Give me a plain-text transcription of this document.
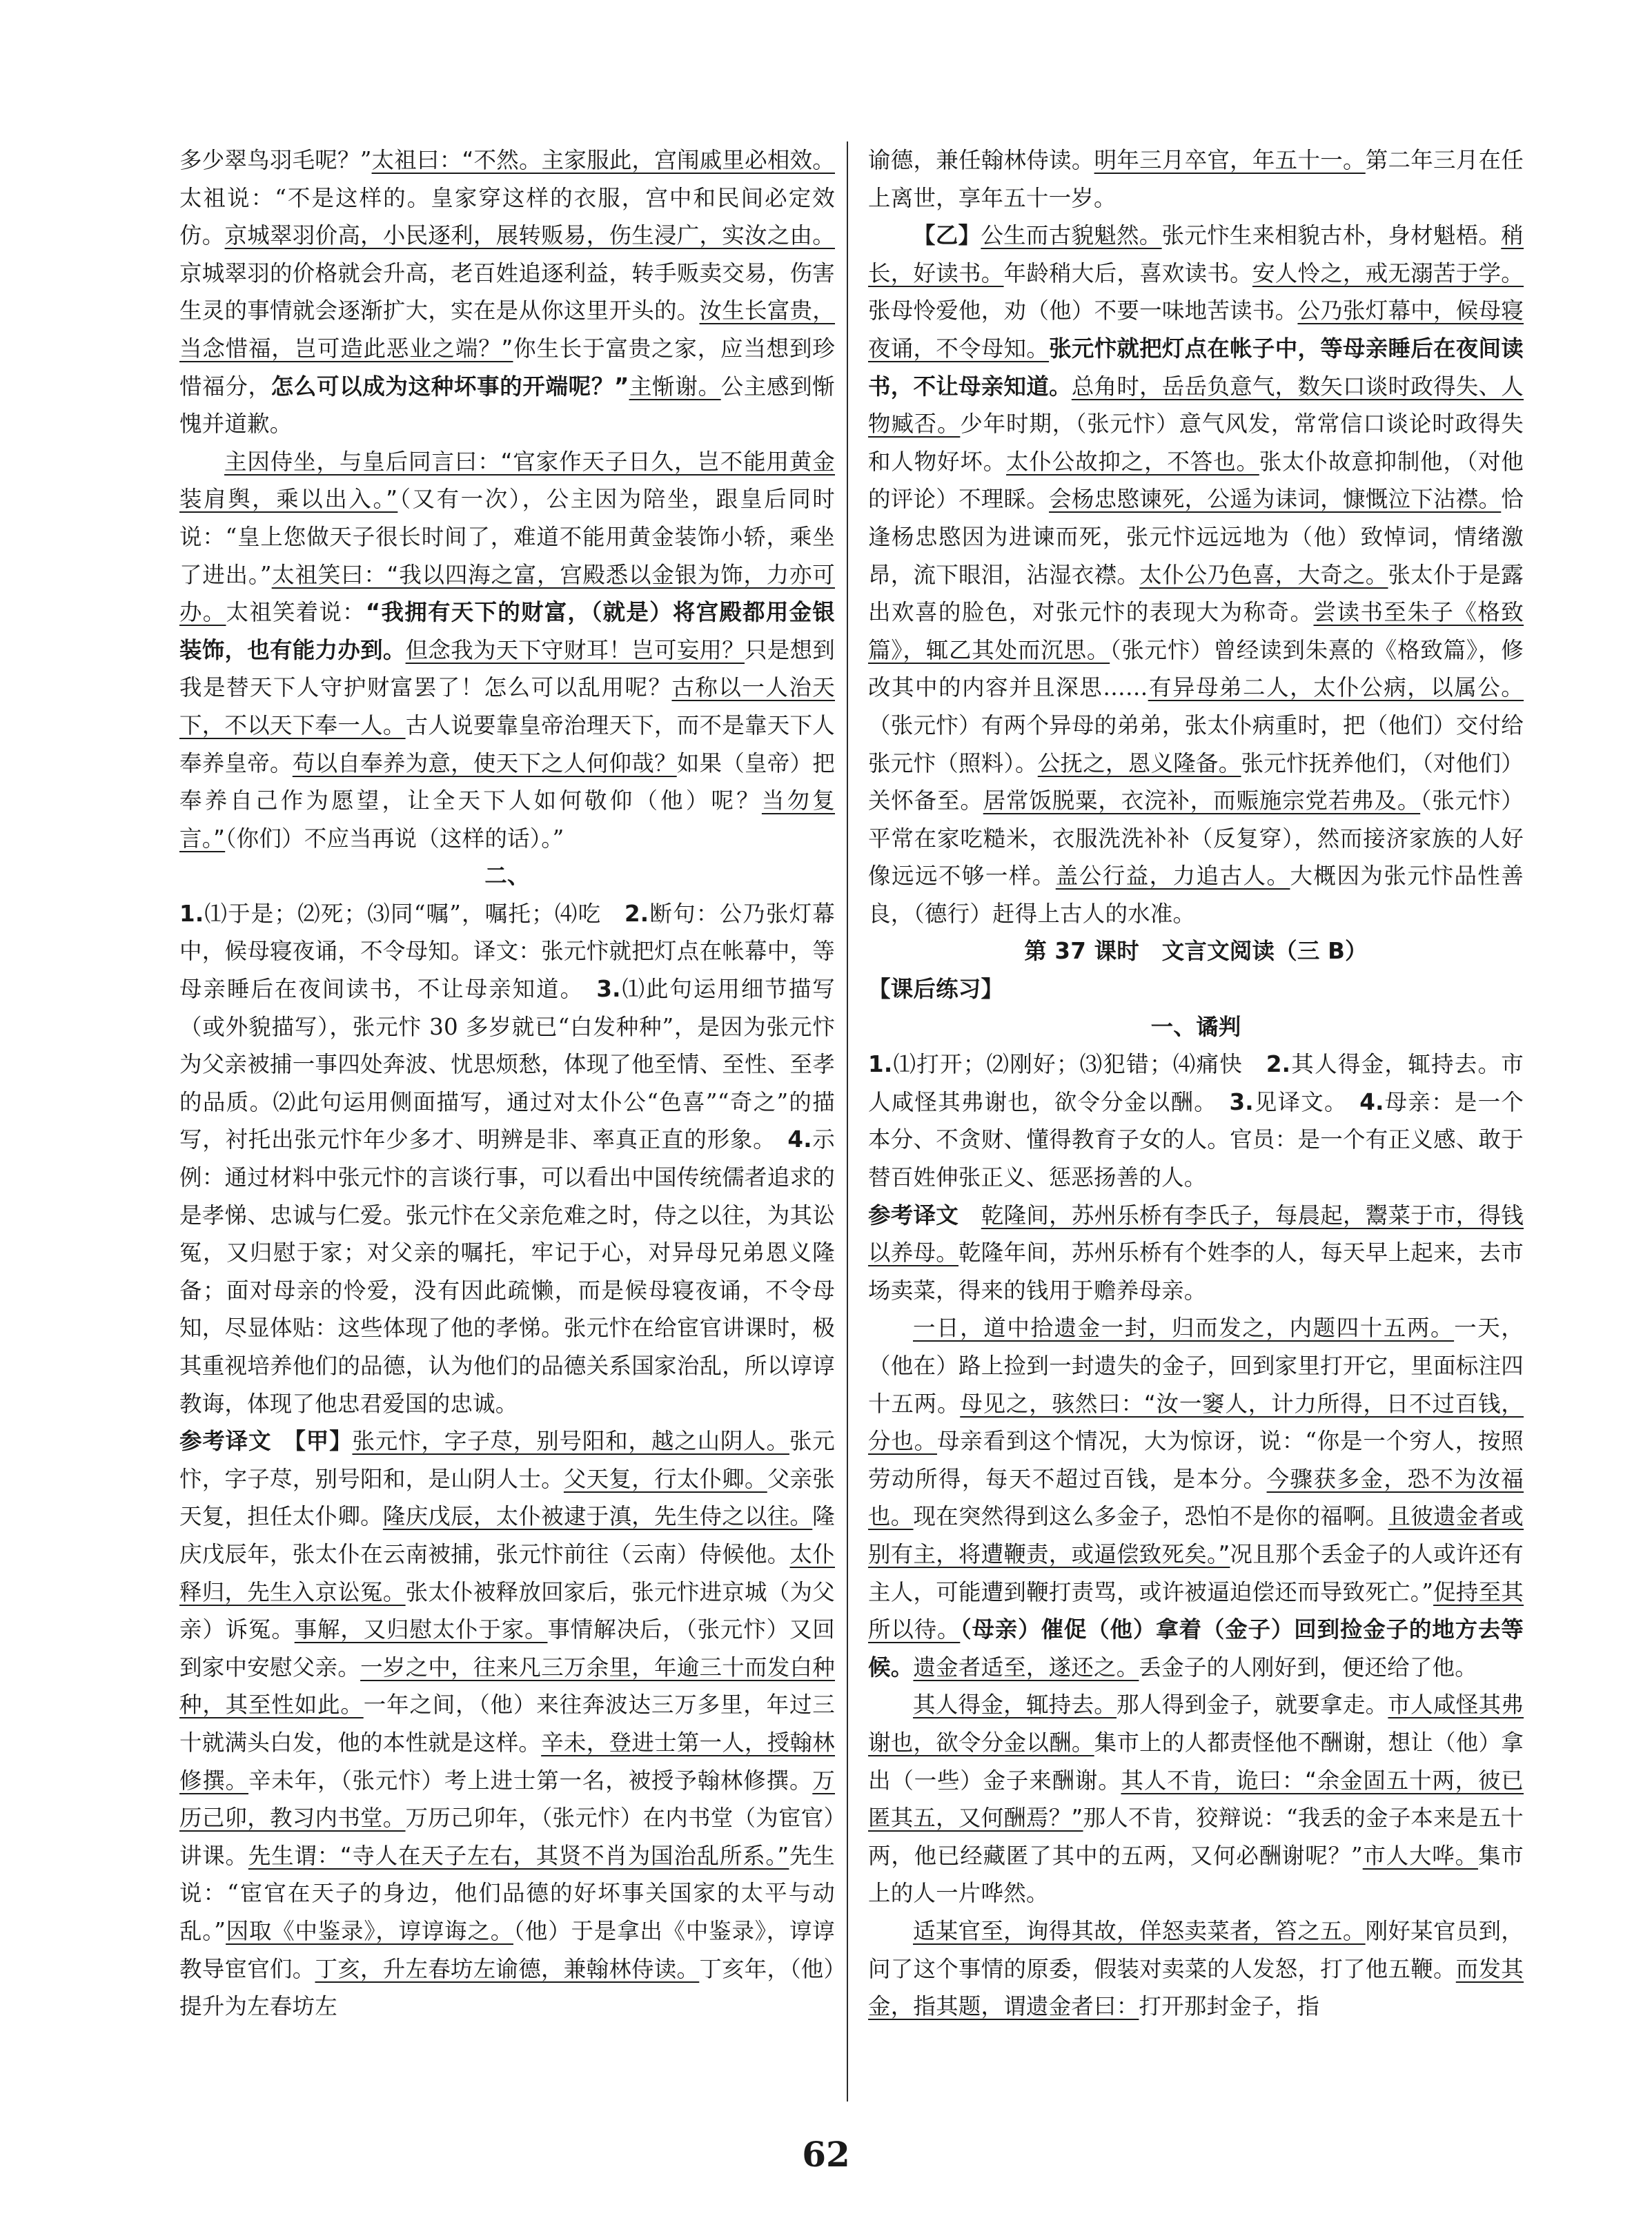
多少翠鸟羽毛呢？”太祖曰：“不然。主家服此，宫闱戚里必相效。太祖说：“不是这样的。皇家穿这样的衣服，宫中和民间必定效仿。京城翠羽价高，小民逐利，展转贩易，伤生浸广，实汝之由。京城翠羽的价格就会升高，老百姓追逐利益，转手贩卖交易，伤害生灵的事情就会逐渐扩大，实在是从你这里开头的。汝生长富贵，当念惜福，岂可造此恶业之端？”你生长于富贵之家，应当想到珍惜福分，怎么可以成为这种坏事的开端呢？”主惭谢。公主感到惭愧并道歉。

主因侍坐，与皇后同言曰：“官家作天子日久，岂不能用黄金装肩舆，乘以出入。”（又有一次），公主因为陪坐，跟皇后同时说：“皇上您做天子很长时间了，难道不能用黄金装饰小轿，乘坐了进出。”太祖笑曰：“我以四海之富，宫殿悉以金银为饰，力亦可办。太祖笑着说：“我拥有天下的财富，（就是）将宫殿都用金银装饰，也有能力办到。但念我为天下守财耳！岂可妄用？只是想到我是替天下人守护财富罢了！怎么可以乱用呢？古称以一人治天下，不以天下奉一人。古人说要靠皇帝治理天下，而不是靠天下人奉养皇帝。苟以自奉养为意，使天下之人何仰哉？如果（皇帝）把奉养自己作为愿望，让全天下人如何敬仰（他）呢？当勿复言。”（你们）不应当再说（这样的话）。”

二、

1.⑴于是；⑵死；⑶同“嘱”，嘱托；⑷吃　2.断句：公乃张灯幕中，候母寝夜诵，不令母知。译文：张元忭就把灯点在帐幕中，等母亲睡后在夜间读书，不让母亲知道。　3.⑴此句运用细节描写（或外貌描写），张元忭 30 多岁就已“白发种种”，是因为张元忭为父亲被捕一事四处奔波、忧思烦愁，体现了他至情、至性、至孝的品质。⑵此句运用侧面描写，通过对太仆公“色喜”“奇之”的描写，衬托出张元忭年少多才、明辨是非、率真正直的形象。　4.示例：通过材料中张元忭的言谈行事，可以看出中国传统儒者追求的是孝悌、忠诚与仁爱。张元忭在父亲危难之时，侍之以往，为其讼冤，又归慰于家；对父亲的嘱托，牢记于心，对异母兄弟恩义隆备；面对母亲的怜爱，没有因此疏懒，而是候母寝夜诵，不令母知，尽显体贴：这些体现了他的孝悌。张元忭在给宦官讲课时，极其重视培养他们的品德，认为他们的品德关系国家治乱，所以谆谆教诲，体现了他忠君爱国的忠诚。

参考译文　 【甲】张元忭，字子荩，别号阳和，越之山阴人。张元忭，字子荩，别号阳和，是山阴人士。父天复，行太仆卿。父亲张天复，担任太仆卿。隆庆戊辰，太仆被逮于滇，先生侍之以往。隆庆戊辰年，张太仆在云南被捕，张元忭前往（云南）侍候他。太仆释归，先生入京讼冤。张太仆被释放回家后，张元忭进京城（为父亲）诉冤。事解，又归慰太仆于家。事情解决后，（张元忭）又回到家中安慰父亲。一岁之中，往来凡三万余里，年逾三十而发白种种，其至性如此。一年之间，（他）来往奔波达三万多里，年过三十就满头白发，他的本性就是这样。辛未，登进士第一人，授翰林修撰。辛未年，（张元忭）考上进士第一名，被授予翰林修撰。万历己卯，教习内书堂。万历己卯年，（张元忭）在内书堂（为宦官）讲课。先生谓：“寺人在天子左右，其贤不肖为国治乱所系。”先生说：“宦官在天子的身边，他们品德的好坏事关国家的太平与动乱。”因取《中鉴录》，谆谆诲之。（他）于是拿出《中鉴录》，谆谆教导宦官们。丁亥，升左春坊左谕德，兼翰林侍读。丁亥年，（他）提升为左春坊左

谕德，兼任翰林侍读。明年三月卒官，年五十一。第二年三月在任上离世，享年五十一岁。

【乙】公生而古貌魁然。张元忭生来相貌古朴，身材魁梧。稍长，好读书。年龄稍大后，喜欢读书。安人怜之，戒无溺苦于学。张母怜爱他，劝（他）不要一味地苦读书。公乃张灯幕中，候母寝夜诵，不令母知。张元忭就把灯点在帐子中，等母亲睡后在夜间读书，不让母亲知道。总角时，岳岳负意气，数矢口谈时政得失、人物臧否。少年时期，（张元忭）意气风发，常常信口谈论时政得失和人物好坏。太仆公故抑之，不答也。张太仆故意抑制他，（对他的评论）不理睬。会杨忠愍谏死，公遥为诔词，慷慨泣下沾襟。恰逢杨忠愍因为进谏而死，张元忭远远地为（他）致悼词，情绪激昂，流下眼泪，沾湿衣襟。太仆公乃色喜，大奇之。张太仆于是露出欢喜的脸色，对张元忭的表现大为称奇。尝读书至朱子《格致篇》，辄乙其处而沉思。（张元忭）曾经读到朱熹的《格致篇》，修改其中的内容并且深思……有异母弟二人，太仆公病，以属公。（张元忭）有两个异母的弟弟，张太仆病重时，把（他们）交付给张元忭（照料）。公抚之，恩义隆备。张元忭抚养他们，（对他们）关怀备至。居常饭脱粟，衣浣补，而赈施宗党若弗及。（张元忭）平常在家吃糙米，衣服洗洗补补（反复穿），然而接济家族的人好像远远不够一样。盖公行益，力追古人。大概因为张元忭品性善良，（德行）赶得上古人的水准。

第 37 课时　文言文阅读（三 B）

【课后练习】

一、谲判

1.⑴打开；⑵刚好；⑶犯错；⑷痛快　2.其人得金，辄持去。市人咸怪其弗谢也，欲令分金以酬。　3.见译文。　4.母亲：是一个本分、不贪财、懂得教育子女的人。官员：是一个有正义感、敢于替百姓伸张正义、惩恶扬善的人。

参考译文　 乾隆间，苏州乐桥有李氏子，每晨起，鬻菜于市，得钱以养母。乾隆年间，苏州乐桥有个姓李的人，每天早上起来，去市场卖菜，得来的钱用于赡养母亲。

一日，道中拾遗金一封，归而发之，内题四十五两。一天，（他在）路上捡到一封遗失的金子，回到家里打开它，里面标注四十五两。母见之，骇然曰：“汝一窭人，计力所得，日不过百钱，分也。母亲看到这个情况，大为惊讶，说：“你是一个穷人，按照劳动所得，每天不超过百钱，是本分。今骤获多金，恐不为汝福也。现在突然得到这么多金子，恐怕不是你的福啊。且彼遗金者或别有主，将遭鞭责，或逼偿致死矣。”况且那个丢金子的人或许还有主人，可能遭到鞭打责骂，或许被逼迫偿还而导致死亡。”促持至其所以待。（母亲）催促（他）拿着（金子）回到捡金子的地方去等候。遗金者适至，遂还之。丢金子的人刚好到，便还给了他。

其人得金，辄持去。那人得到金子，就要拿走。市人咸怪其弗谢也，欲令分金以酬。集市上的人都责怪他不酬谢，想让（他）拿出（一些）金子来酬谢。其人不肯，诡曰：“余金固五十两，彼已匿其五，又何酬焉？”那人不肯，狡辩说：“我丢的金子本来是五十两，他已经藏匿了其中的五两，又何必酬谢呢？”市人大哗。集市上的人一片哗然。

适某官至，询得其故，佯怒卖菜者，笞之五。刚好某官员到，问了这个事情的原委，假装对卖菜的人发怒，打了他五鞭。而发其金，指其题，谓遗金者曰：打开那封金子，指

62
